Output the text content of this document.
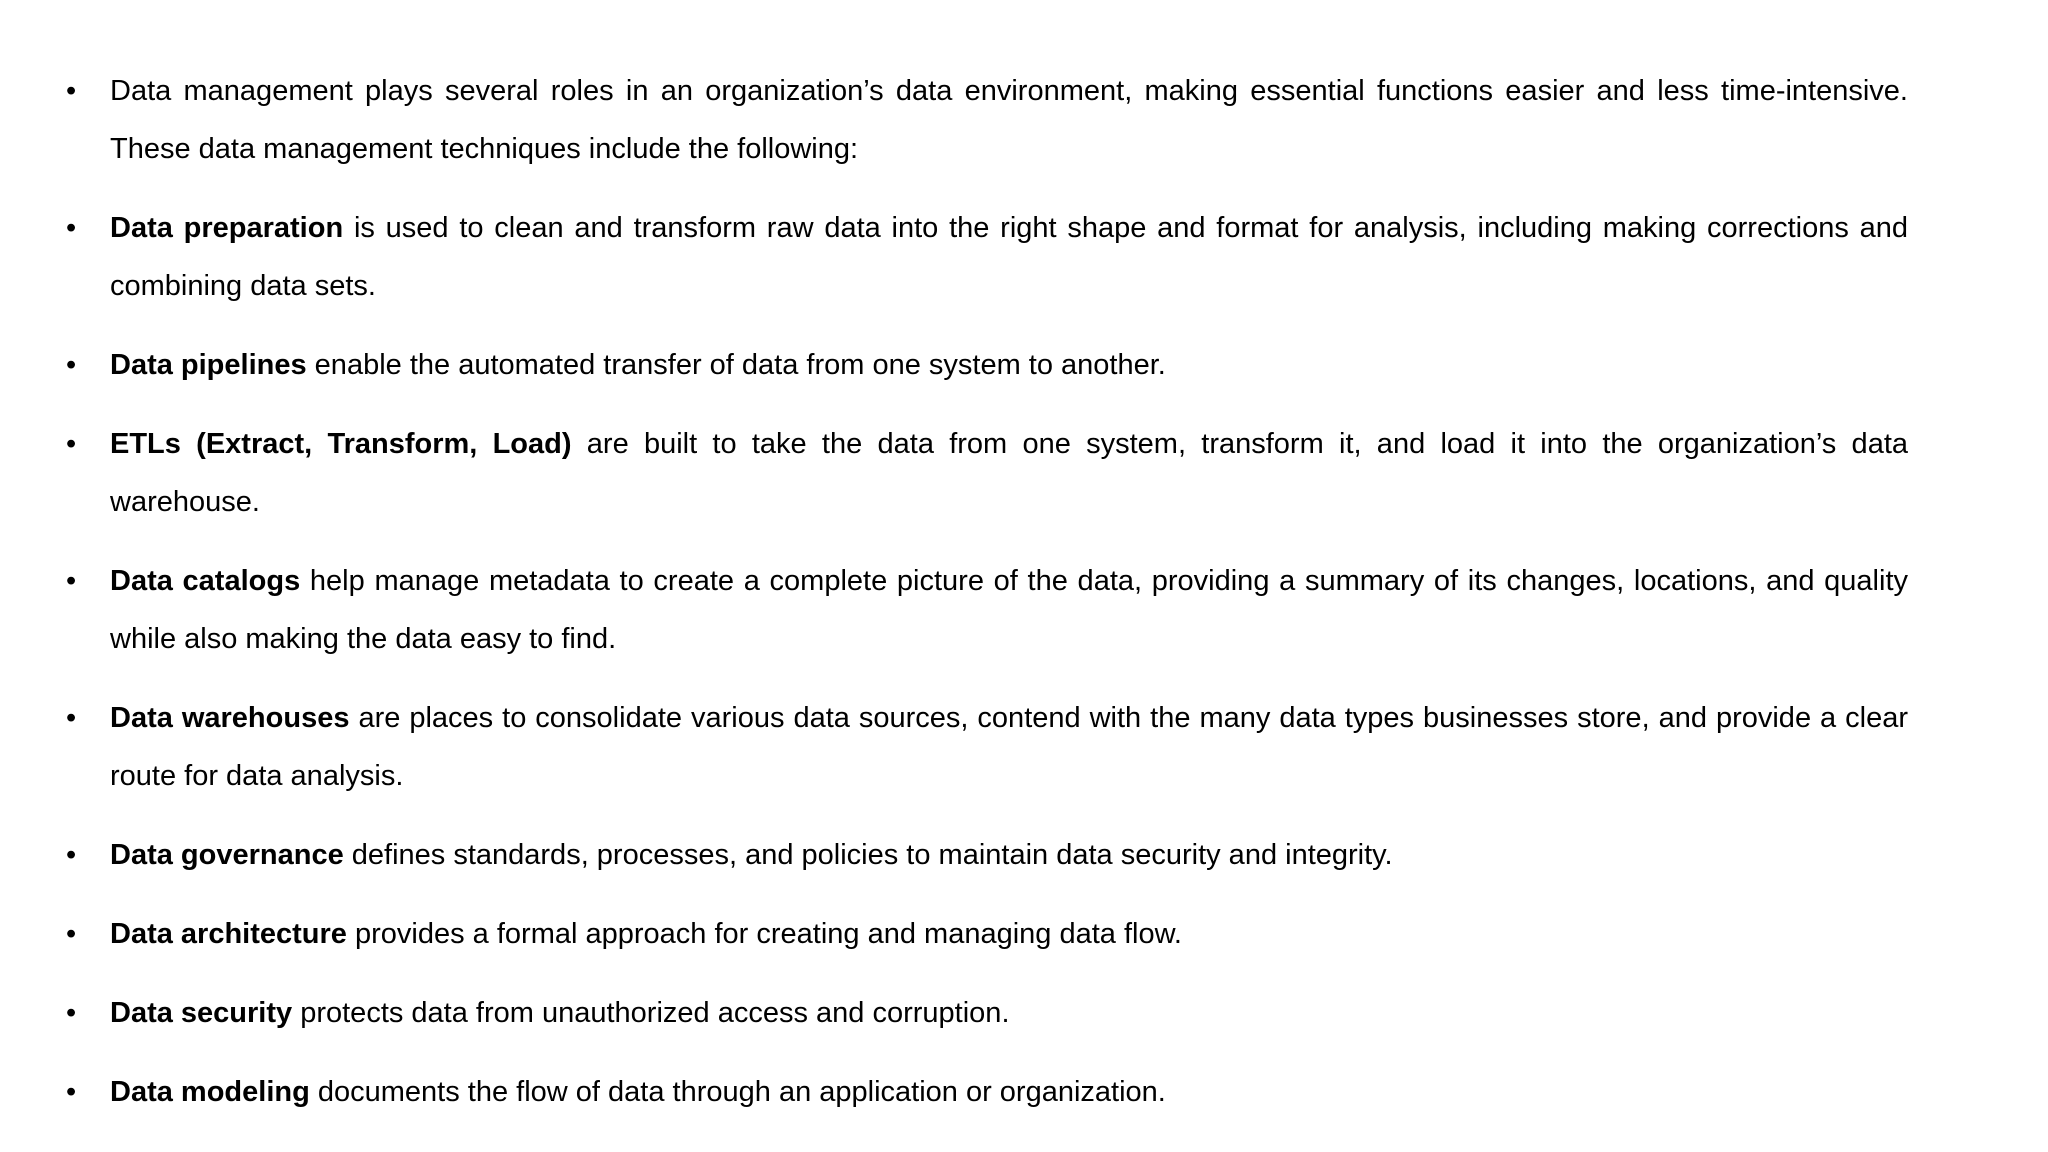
•	Data management plays several roles in an organization’s data environment, making essential functions easier and less time-intensive. These data management techniques include the following:
•	Data preparation is used to clean and transform raw data into the right shape and format for analysis, including making corrections and combining data sets.
•	Data pipelines enable the automated transfer of data from one system to another.
•	ETLs (Extract, Transform, Load) are built to take the data from one system, transform it, and load it into the organization’s data warehouse.
•	Data catalogs help manage metadata to create a complete picture of the data, providing a summary of its changes, locations, and quality while also making the data easy to find.
•	Data warehouses are places to consolidate various data sources, contend with the many data types businesses store, and provide a clear route for data analysis.
•	Data governance defines standards, processes, and policies to maintain data security and integrity.
•	Data architecture provides a formal approach for creating and managing data flow.
•	Data security protects data from unauthorized access and corruption.
•	Data modeling documents the flow of data through an application or organization.
